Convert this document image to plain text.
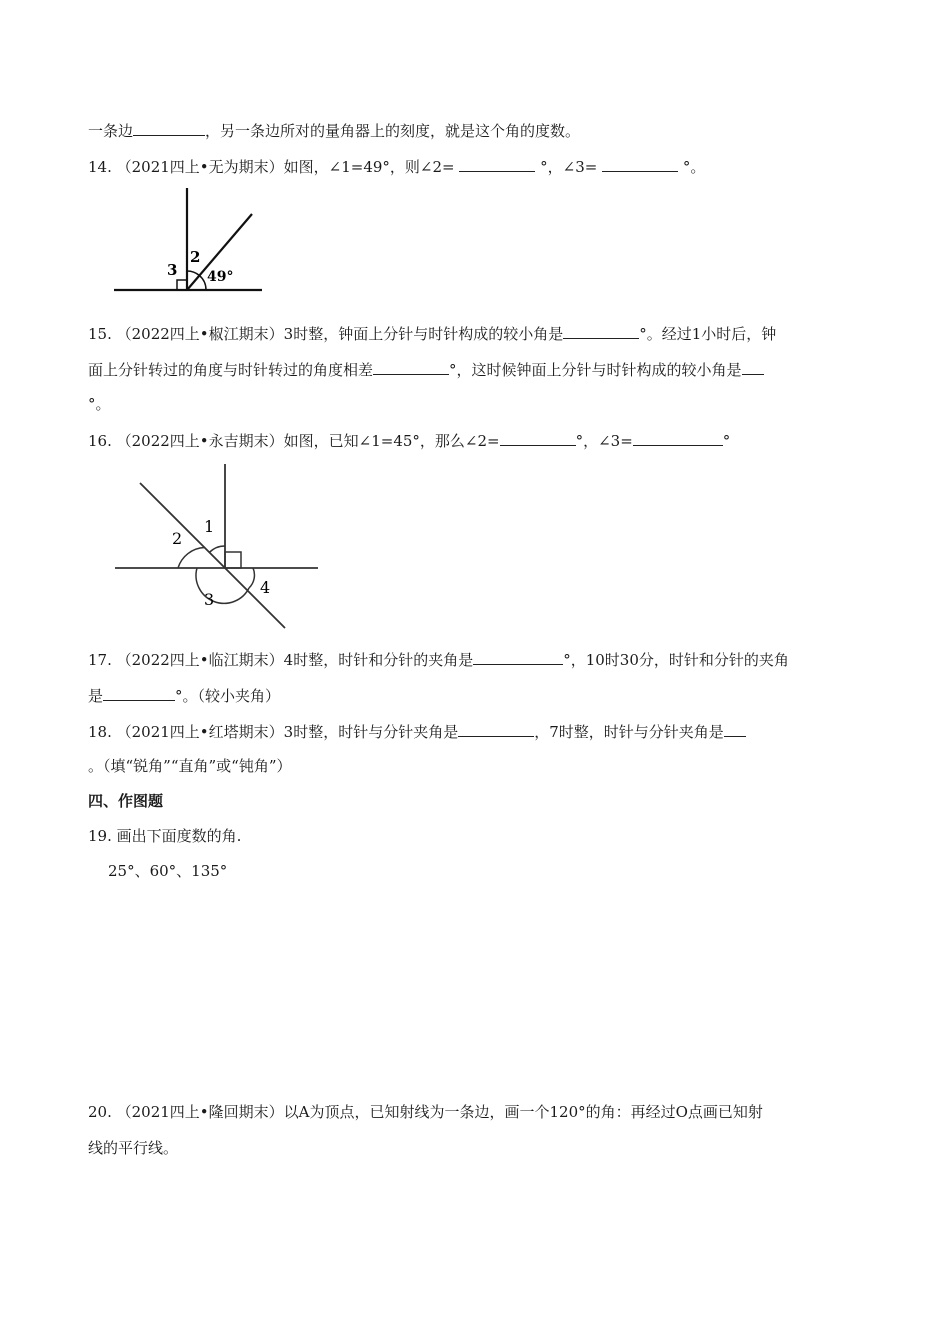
一条边	，另一条边所对的量角器上的刻度，就是这个角的度数。
14. （2021四上•无为期末）如图，∠1=49°，则∠2=	°，∠3=	°。
3
2
49°
15. （2022四上•椒江期末）3时整，钟面上分针与时针构成的较小角是	°。经过1小时后，钟
面上分针转过的角度与时针转过的角度相差	°，这时候钟面上分针与时针构成的较小角是
°。
16. （2022四上•永吉期末）如图，已知∠1=45°，那么∠2=	°，∠3=	°
1
2
3
4
17. （2022四上•临江期末）4时整，时针和分针的夹角是	°，10时30分，时针和分针的夹角
是	°。（较小夹角）
18. （2021四上•红塔期末）3时整，时针与分针夹角是	，7时整，时针与分针夹角是
。（填“锐角”“直角”或“钝角”）
四、作图题
19. 画出下面度数的角.
25°、60°、135°
20. （2021四上•隆回期末）以A为顶点，已知射线为一条边，画一个120°的角：再经过O点画已知射
线的平行线。
